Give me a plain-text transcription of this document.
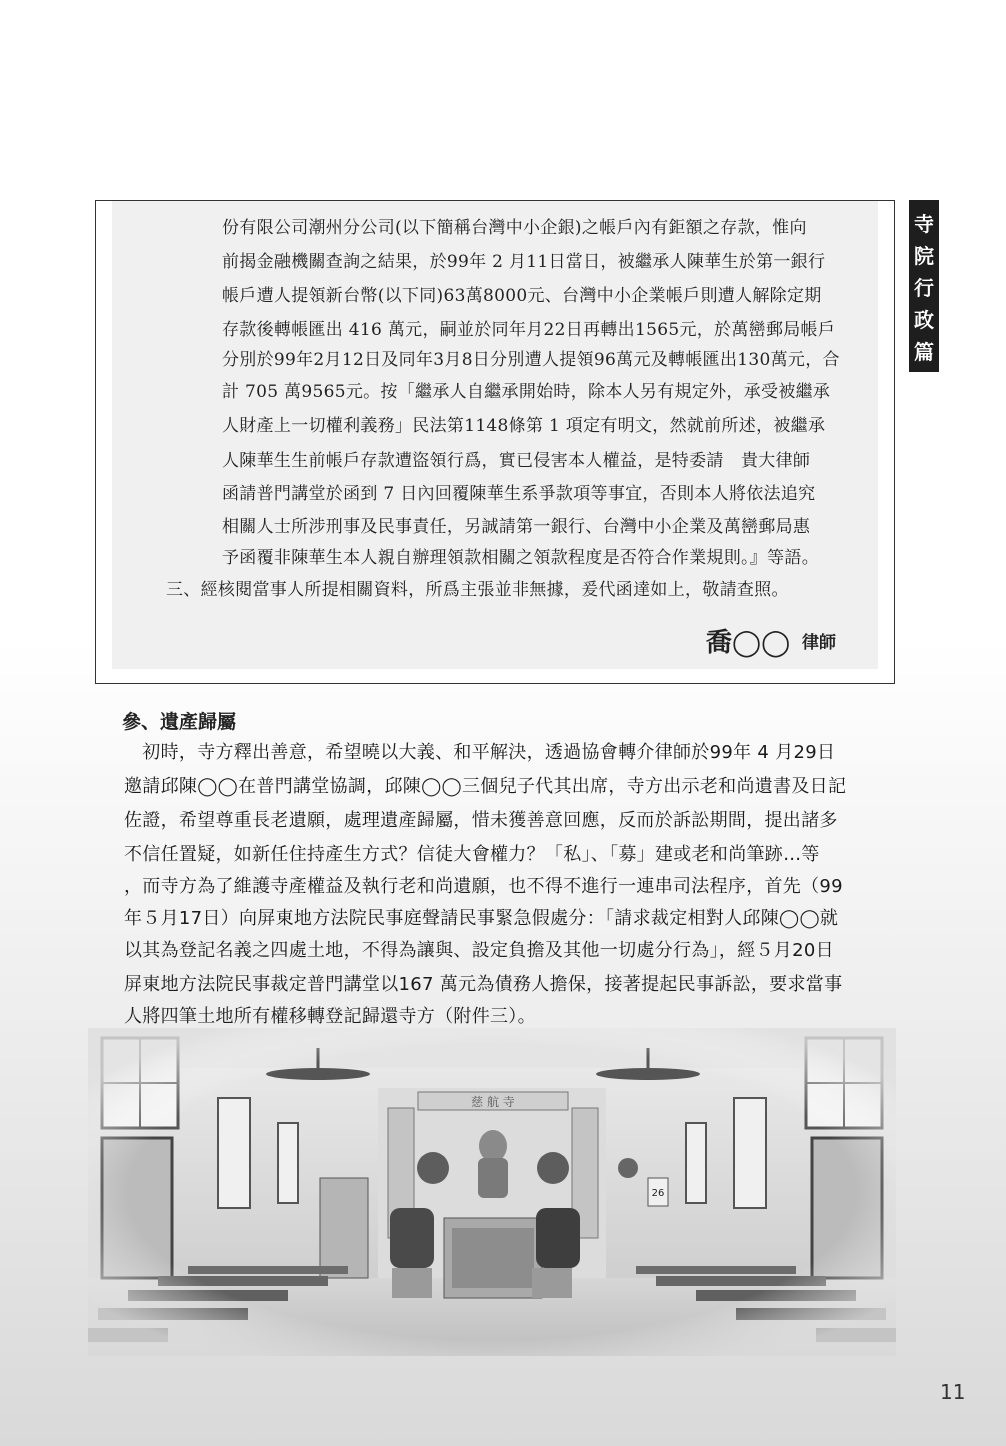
寺
院
行
政
篇
份有限公司潮州分公司(以下簡稱台灣中小企銀)之帳戶內有鉅額之存款，惟向
前揭金融機關查詢之結果，於99年 2 月11日當日，被繼承人陳華生於第一銀行
帳戶遭人提領新台幣(以下同)63萬8000元、台灣中小企業帳戶則遭人解除定期
存款後轉帳匯出 416 萬元，嗣並於同年月22日再轉出1565元，於萬巒郵局帳戶
分別於99年2月12日及同年3月8日分別遭人提領96萬元及轉帳匯出130萬元，合
計 705 萬9565元。按「繼承人自繼承開始時，除本人另有規定外，承受被繼承
人財產上一切權利義務」民法第1148條第 1 項定有明文，然就前所述，被繼承
人陳華生生前帳戶存款遭盜領行爲，實已侵害本人權益，是特委請　貴大律師
函請普門講堂於函到 7 日內回覆陳華生系爭款項等事宜，否則本人將依法追究
相關人士所涉刑事及民事責任，另誠請第一銀行、台灣中小企業及萬巒郵局惠
予函覆非陳華生本人親自辦理領款相關之領款程度是否符合作業規則。』等語。
三、經核閱當事人所提相關資料，所爲主張並非無據，爰代函達如上，敬請查照。
喬◯◯ 律師
參、遺產歸屬
　初時，寺方釋出善意，希望曉以大義、和平解決，透過協會轉介律師於99年 4 月29日
邀請邱陳◯◯在普門講堂協調，邱陳◯◯三個兒子代其出席，寺方出示老和尚遺書及日記
佐證，希望尊重長老遺願，處理遺產歸屬，惜未獲善意回應，反而於訴訟期間，提出諸多
不信任置疑，如新任住持產生方式？信徒大會權力？「私」、「募」建或老和尚筆跡…等
，而寺方為了維護寺產權益及執行老和尚遺願，也不得不進行一連串司法程序，首先（99
年５月17日）向屏東地方法院民事庭聲請民事緊急假處分：「請求裁定相對人邱陳◯◯就
以其為登記名義之四處土地，不得為讓與、設定負擔及其他一切處分行為」，經５月20日
屏東地方法院民事裁定普門講堂以167 萬元為債務人擔保，接著提起民事訴訟，要求當事
人將四筆土地所有權移轉登記歸還寺方（附件三）。
11
